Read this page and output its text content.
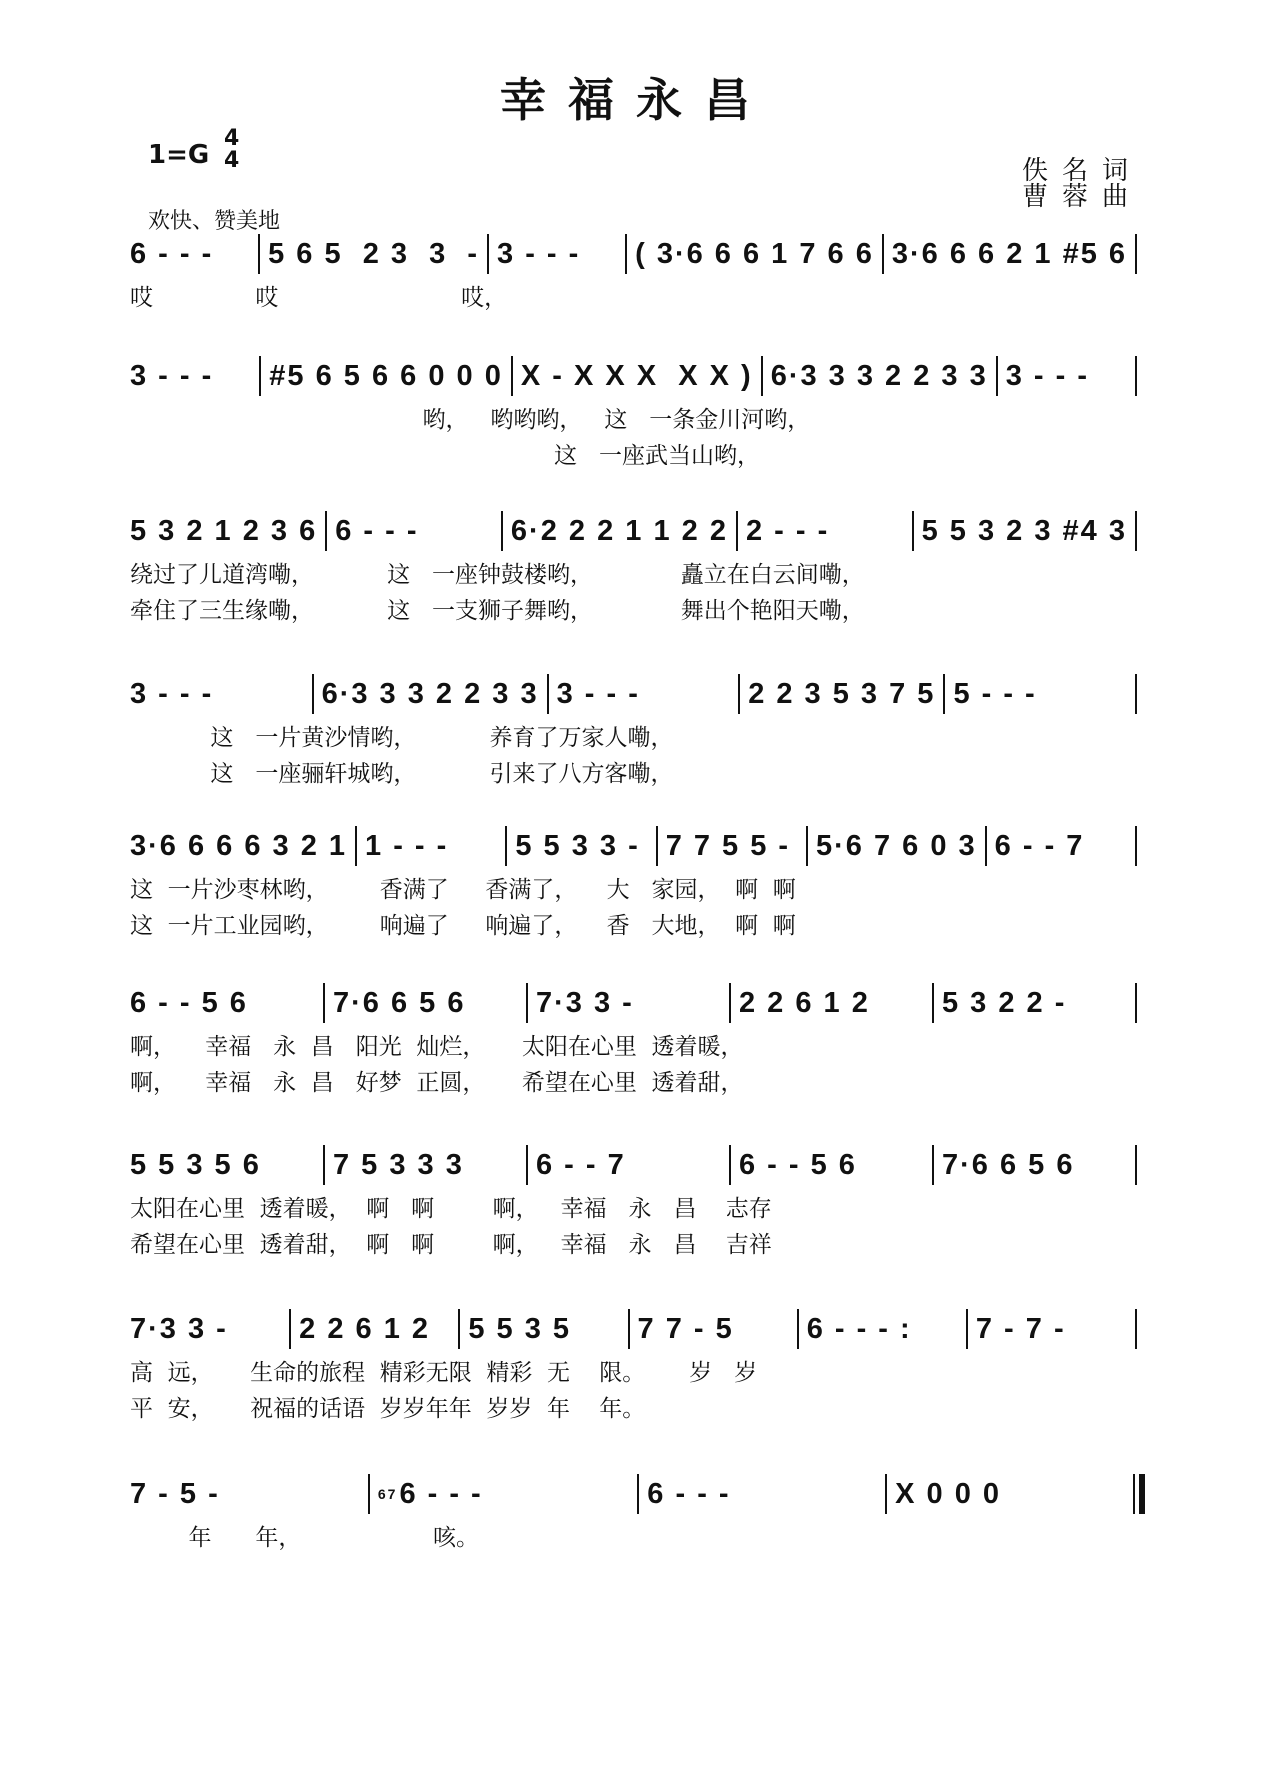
幸福永昌
1=G
4
4
欢快、赞美地
佚名词
曹蓉曲
6 - - -	5 6 5  2 3  3  - 3 - - -	( 3·6 6 6 1 7 6 6 3·6 6 6 2 1 #5 6
哎              哎                         哎，
3 - - -	#5 6 5 6 6 0 0 0 X - X X X  X X ) 6·3 3 3 2 2 3 3 3 - - -
哟，   哟哟哟，   这   一条金川河哟，
这   一座武当山哟，
5 3 2 1 2 3 6 6 - - -	6·2 2 2 1 1 2 2 2 - - -	5 5 3 2 3 #4 3
绕过了儿道湾嘞，          这   一座钟鼓楼哟，            矗立在白云间嘞，
牵住了三生缘嘞，          这   一支狮子舞哟，            舞出个艳阳天嘞，
3 - - -	6·3 3 3 2 2 3 3 3 - - -	2 2 3 5 3 7 5 5 - - -
这   一片黄沙情哟，          养育了万家人嘞，
这   一座骊轩城哟，          引来了八方客嘞，
3·6 6 6 6 3 2 1 1 - - -	5 5 3 3 - 7 7 5 5 - 5·6 7 6 0 3 6 - - 7
这  一片沙枣林哟，       香满了     香满了，    大   家园，  啊  啊
这  一片工业园哟，       响遍了     响遍了，    香   大地，  啊  啊
6 - - 5 6	7·6 6 5 6	7·3 3 -	2 2 6 1 2	5 3 2 2 -
啊，    幸福   永  昌   阳光  灿烂，     太阳在心里  透着暖，
啊，    幸福   永  昌   好梦  正圆，     希望在心里  透着甜，
5 5 3 5 6	7 5 3 3 3	6 - - 7	6 - - 5 6	7·6 6 5 6
太阳在心里  透着暖，  啊   啊        啊，   幸福   永   昌    志存
希望在心里  透着甜，  啊   啊        啊，   幸福   永   昌    吉祥
7·3 3 -	2 2 6 1 2	5 5 3 5	7 7 - 5	6 - - - :	7 - 7 -
高  远，     生命的旅程  精彩无限  精彩  无    限。      岁   岁
平  安，     祝福的话语  岁岁年年  岁岁  年    年。
7 - 5 -	67 6 - - -	6 - - -	X 0 0 0
年      年，                  咳。
